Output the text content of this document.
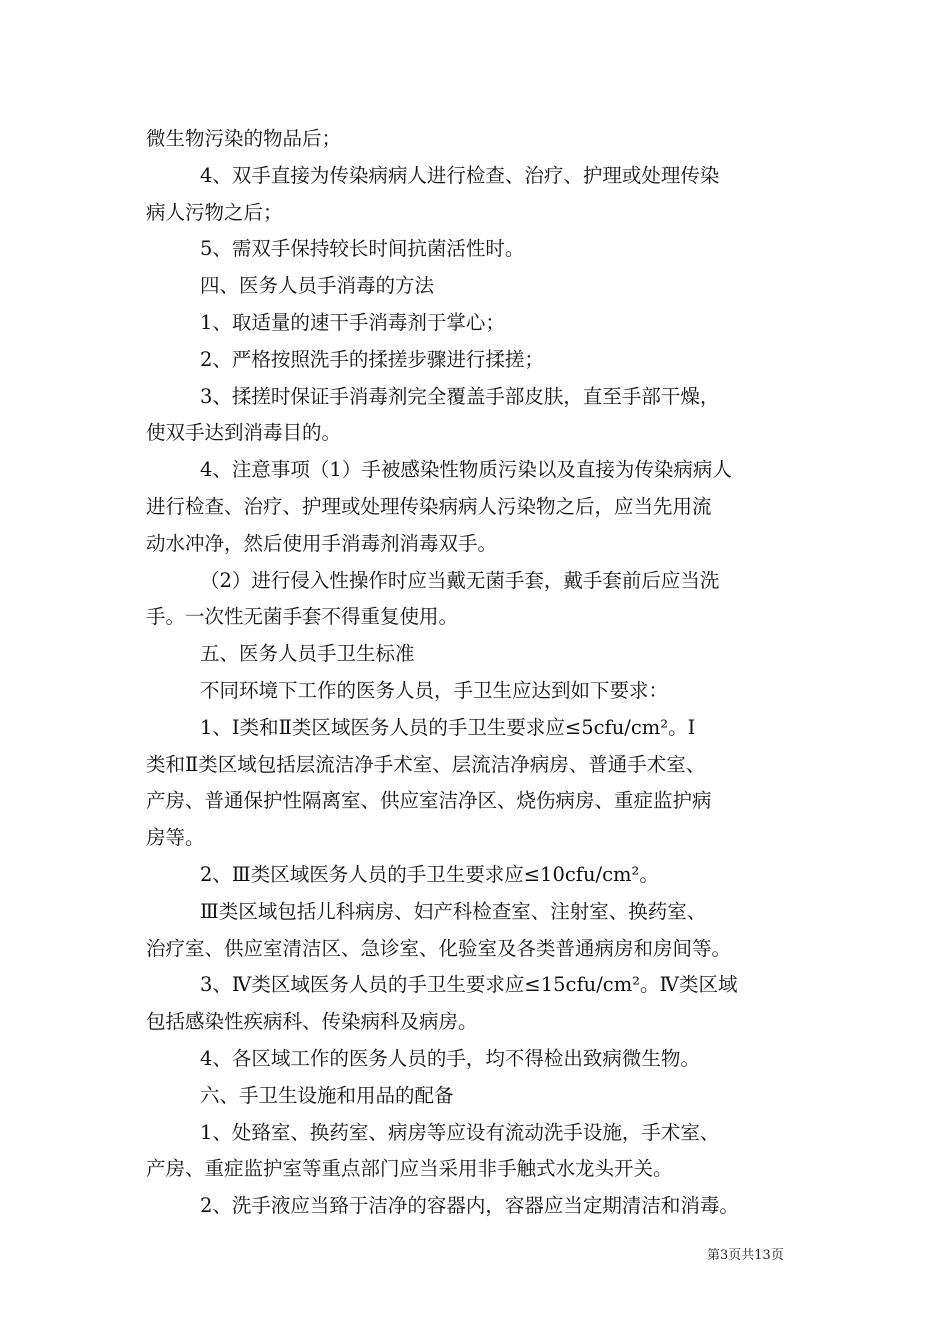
微生物污染的物品后；
4、双手直接为传染病病人进行检查、治疗、护理或处理传染
病人污物之后；
5、需双手保持较长时间抗菌活性时。
四、医务人员手消毒的方法
1、取适量的速干手消毒剂于掌心；
2、严格按照洗手的揉搓步骤进行揉搓；
3、揉搓时保证手消毒剂完全覆盖手部皮肤，直至手部干燥，
使双手达到消毒目的。
4、注意事项（1）手被感染性物质污染以及直接为传染病病人
进行检查、治疗、护理或处理传染病病人污染物之后，应当先用流
动水冲净，然后使用手消毒剂消毒双手。
（2）进行侵入性操作时应当戴无菌手套，戴手套前后应当洗
手。一次性无菌手套不得重复使用。
五、医务人员手卫生标准
不同环境下工作的医务人员，手卫生应达到如下要求：
1、Ⅰ类和Ⅱ类区域医务人员的手卫生要求应≤5cfu/cm²。Ⅰ
类和Ⅱ类区域包括层流洁净手术室、层流洁净病房、普通手术室、
产房、普通保护性隔离室、供应室洁净区、烧伤病房、重症监护病
房等。
2、Ⅲ类区域医务人员的手卫生要求应≤10cfu/cm²。
Ⅲ类区域包括儿科病房、妇产科检查室、注射室、换药室、
治疗室、供应室清洁区、急诊室、化验室及各类普通病房和房间等。
3、Ⅳ类区域医务人员的手卫生要求应≤15cfu/cm²。Ⅳ类区域
包括感染性疾病科、传染病科及病房。
4、各区域工作的医务人员的手，均不得检出致病微生物。
六、手卫生设施和用品的配备
1、处臵室、换药室、病房等应设有流动洗手设施，手术室、
产房、重症监护室等重点部门应当采用非手触式水龙头开关。
2、洗手液应当臵于洁净的容器内，容器应当定期清洁和消毒。
第3页共13页
